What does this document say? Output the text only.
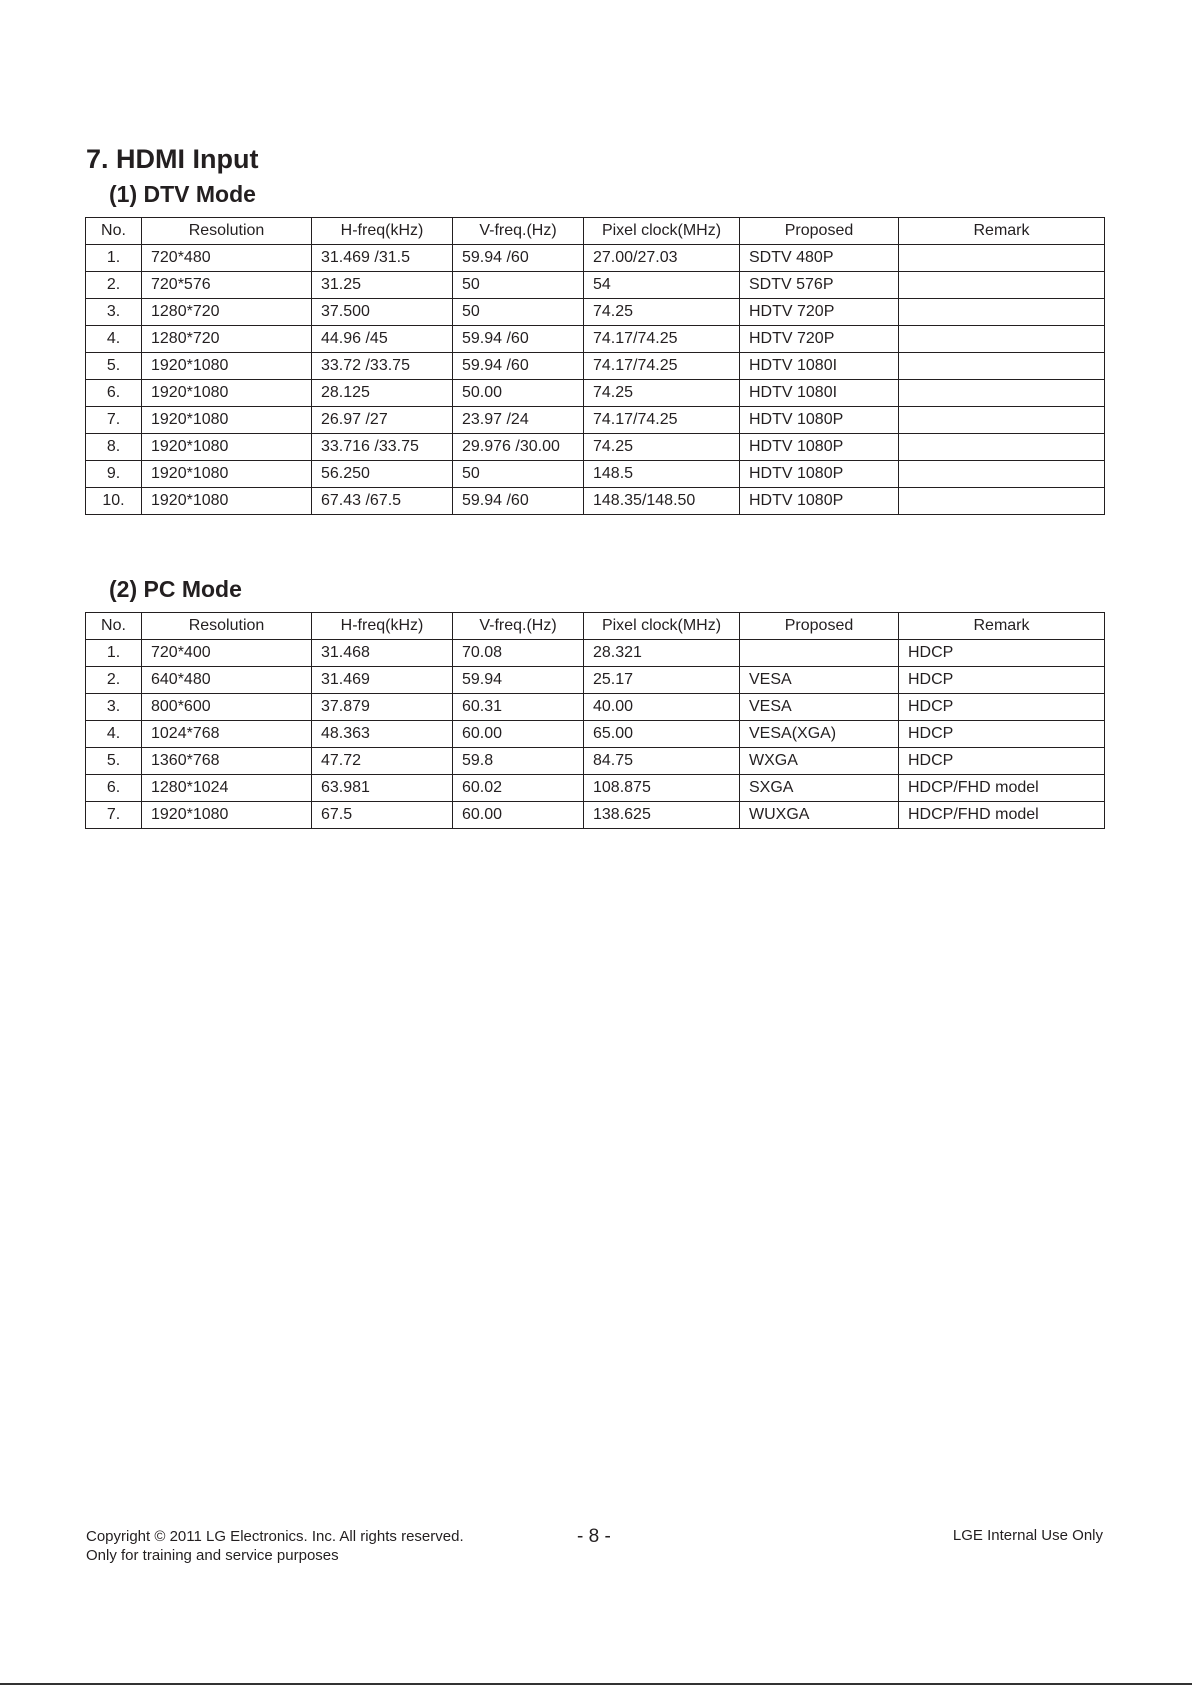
7. HDMI Input
(1) DTV Mode
No.	Resolution	H-freq(kHz)	V-freq.(Hz)	Pixel clock(MHz)	Proposed	Remark
1.	720*480	31.469 /31.5	59.94 /60	27.00/27.03	SDTV 480P	
2.	720*576	31.25	50	54	SDTV 576P	
3.	1280*720	37.500	50	74.25	HDTV 720P	
4.	1280*720	44.96 /45	59.94 /60	74.17/74.25	HDTV 720P	
5.	1920*1080	33.72 /33.75	59.94 /60	74.17/74.25	HDTV 1080I	
6.	1920*1080	28.125	50.00	74.25	HDTV 1080I	
7.	1920*1080	26.97 /27	23.97 /24	74.17/74.25	HDTV 1080P	
8.	1920*1080	33.716 /33.75	29.976 /30.00	74.25	HDTV 1080P	
9.	1920*1080	56.250	50	148.5	HDTV 1080P	
10.	1920*1080	67.43 /67.5	59.94 /60	148.35/148.50	HDTV 1080P	
(2) PC Mode
No.	Resolution	H-freq(kHz)	V-freq.(Hz)	Pixel clock(MHz)	Proposed	Remark
1.	720*400	31.468	70.08	28.321		HDCP
2.	640*480	31.469	59.94	25.17	VESA	HDCP
3.	800*600	37.879	60.31	40.00	VESA	HDCP
4.	1024*768	48.363	60.00	65.00	VESA(XGA)	HDCP
5.	1360*768	47.72	59.8	84.75	WXGA	HDCP
6.	1280*1024	63.981	60.02	108.875	SXGA	HDCP/FHD model
7.	1920*1080	67.5	60.00	138.625	WUXGA	HDCP/FHD model
Copyright © 2011 LG Electronics. Inc. All rights reserved.
Only for training and service purposes
- 8 -	LGE Internal Use Only
